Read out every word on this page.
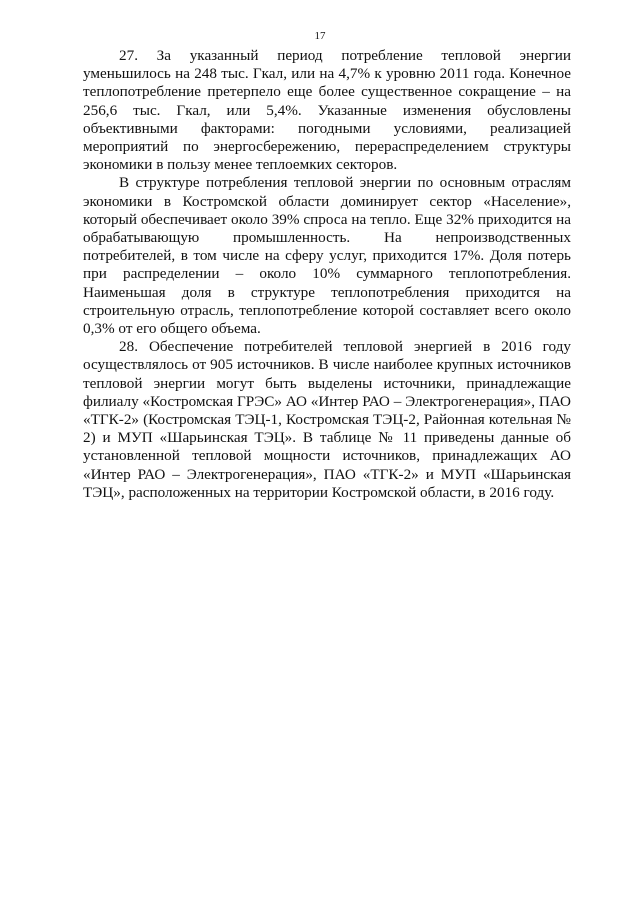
17

27. За указанный период потребление тепловой энергии уменьшилось на 248 тыс. Гкал, или на 4,7% к уровню 2011 года. Конечное теплопотребление претерпело еще более существенное сокращение – на 256,6 тыс. Гкал, или 5,4%. Указанные изменения обусловлены объективными факторами: погодными условиями, реализацией мероприятий по энергосбережению, перераспределением структуры экономики в пользу менее теплоемких секторов.

В структуре потребления тепловой энергии по основным отраслям экономики в Костромской области доминирует сектор «Население», который обеспечивает около 39% спроса на тепло. Еще 32% приходится на обрабатывающую промышленность. На непроизводственных потребителей, в том числе на сферу услуг, приходится 17%. Доля потерь при распределении – около 10% суммарного теплопотребления. Наименьшая доля в структуре теплопотребления приходится на строительную отрасль, теплопотребление которой составляет всего около 0,3% от его общего объема.

28. Обеспечение потребителей тепловой энергией в 2016 году осуществлялось от 905 источников. В числе наиболее крупных источников тепловой энергии могут быть выделены источники, принадлежащие филиалу «Костромская ГРЭС» АО «Интер РАО – Электрогенерация», ПАО «ТГК-2» (Костромская ТЭЦ-1, Костромская ТЭЦ-2, Районная котельная № 2) и МУП «Шарьинская ТЭЦ». В таблице № 11 приведены данные об установленной тепловой мощности источников, принадлежащих АО «Интер РАО – Электрогенерация», ПАО «ТГК-2» и МУП «Шарьинская ТЭЦ», расположенных на территории Костромской области, в 2016 году.
